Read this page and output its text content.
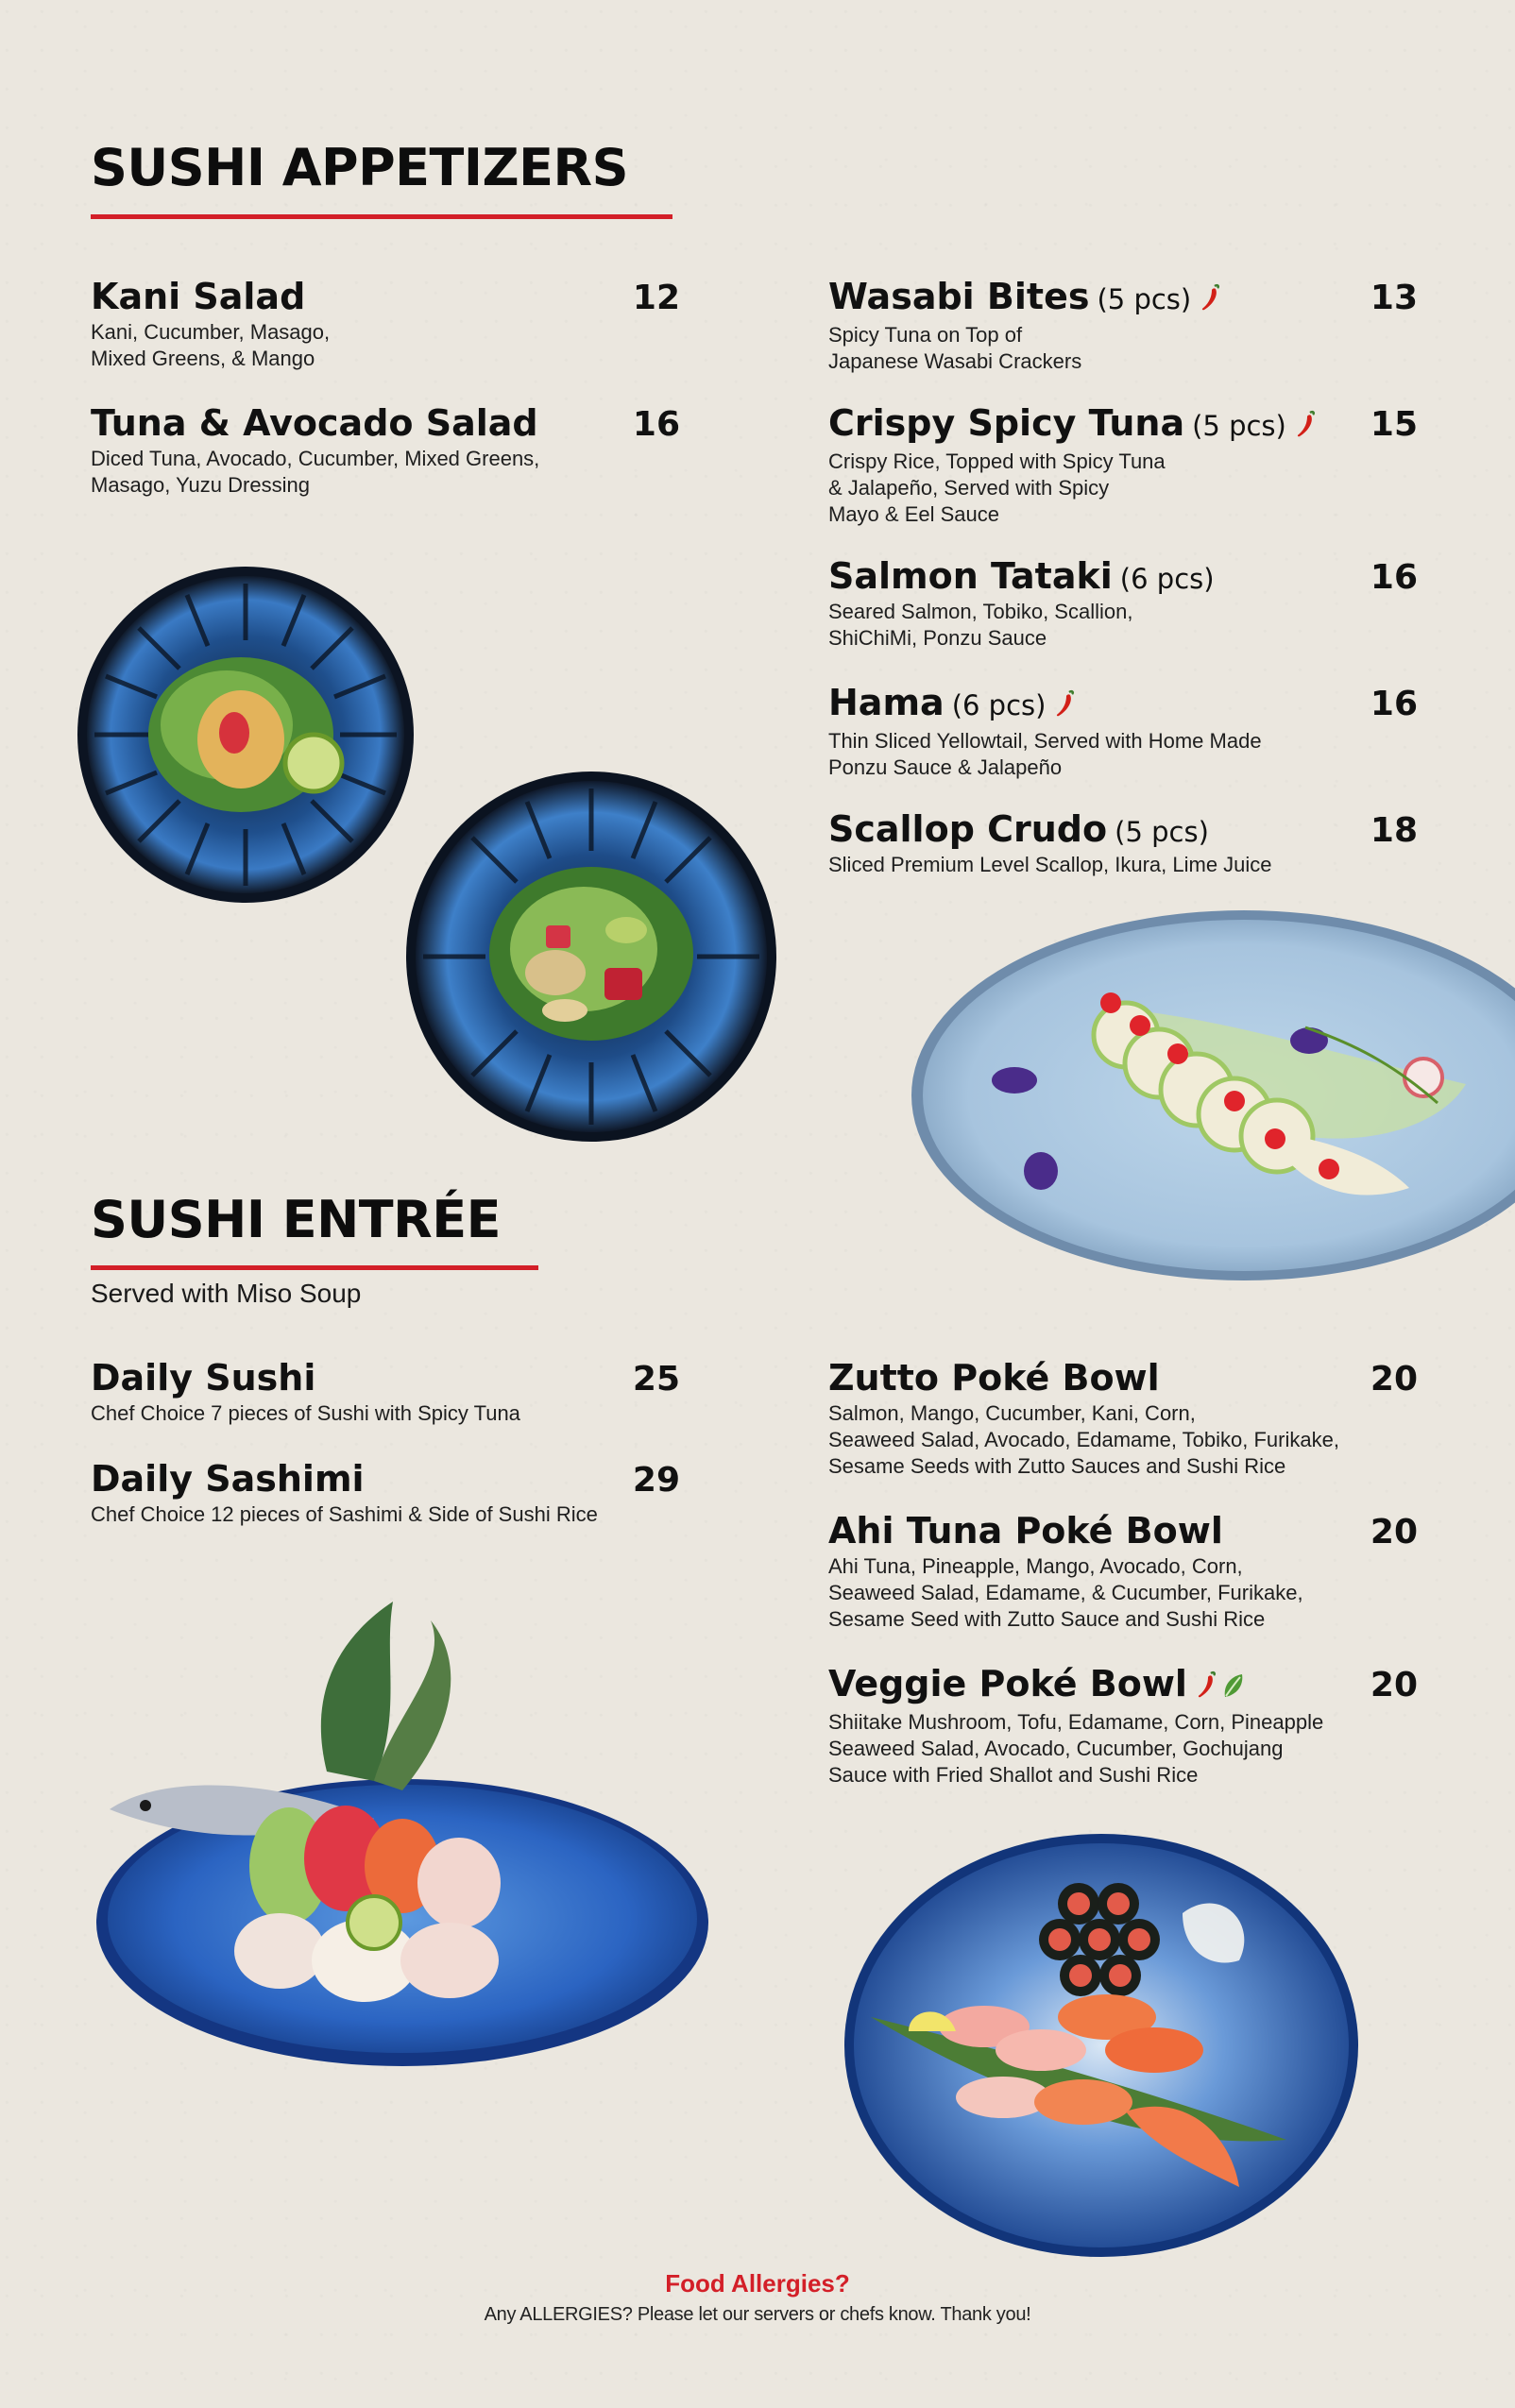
SUSHI APPETIZERS
Kani Salad	12
Kani, Cucumber, Masago,
Mixed Greens, & Mango
Tuna & Avocado Salad	16
Diced Tuna, Avocado, Cucumber, Mixed Greens,
Masago, Yuzu Dressing
Wasabi Bites (5 pcs)	13
Spicy Tuna on Top of
Japanese Wasabi Crackers
Crispy Spicy Tuna (5 pcs)	15
Crispy Rice, Topped with Spicy Tuna
& Jalapeño, Served with Spicy
Mayo & Eel Sauce
Salmon Tataki (6 pcs)	16
Seared Salmon, Tobiko, Scallion,
ShiChiMi, Ponzu Sauce
Hama (6 pcs)	16
Thin Sliced Yellowtail, Served with Home Made
Ponzu Sauce & Jalapeño
Scallop Crudo (5 pcs)	18
Sliced Premium Level Scallop, Ikura, Lime Juice
SUSHI ENTRÉE
Served with Miso Soup
Daily Sushi	25
Chef Choice 7 pieces of Sushi with Spicy Tuna
Daily Sashimi	29
Chef Choice 12 pieces of Sashimi & Side of Sushi Rice
Zutto Poké Bowl	20
Salmon, Mango, Cucumber, Kani, Corn,
Seaweed Salad, Avocado, Edamame, Tobiko, Furikake,
Sesame Seeds with Zutto Sauces and Sushi Rice
Ahi Tuna Poké Bowl	20
Ahi Tuna, Pineapple, Mango, Avocado, Corn,
Seaweed Salad, Edamame, & Cucumber, Furikake,
Sesame Seed with Zutto Sauce and Sushi Rice
Veggie Poké Bowl	20
Shiitake Mushroom, Tofu, Edamame, Corn, Pineapple
Seaweed Salad, Avocado, Cucumber, Gochujang
Sauce with Fried Shallot and Sushi Rice
Food Allergies?
Any ALLERGIES? Please let our servers or chefs know. Thank you!
